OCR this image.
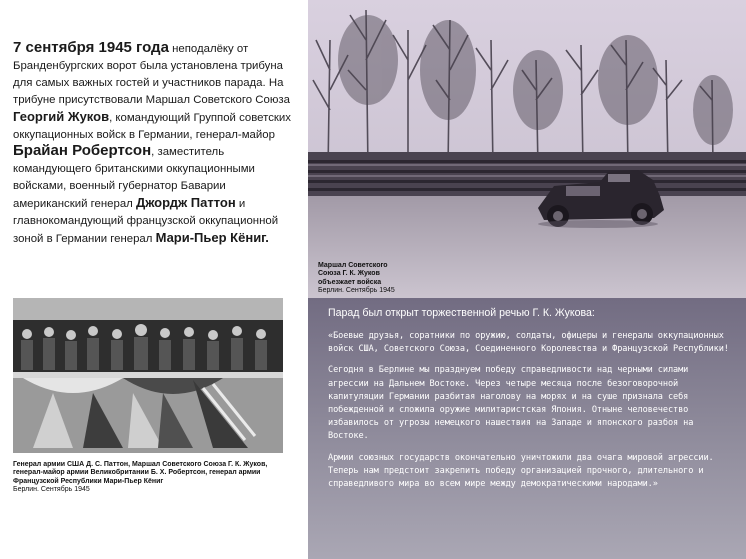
7 сентября 1945 года неподалёку от Бранденбургских ворот была установлена трибуна для самых важных гостей и участников парада. На трибуне присутствовали Маршал Советского Союза Георгий Жуков, командующий Группой советских оккупационных войск в Германии, генерал-майор Брайан Робертсон, заместитель командующего британскими оккупационными войсками, военный губернатор Баварии американский генерал Джордж Паттон и главнокомандующий французской оккупационной зоной в Германии генерал Мари-Пьер Кёниг.
Маршал Советского Союза Г. К. Жуков объезжает войска
Берлин. Сентябрь 1945
Генерал армии США Д. С. Паттон, Маршал Советского Союза Г. К. Жуков, генерал-майор армии Великобритании Б. Х. Робертсон, генерал армии Французской Республики Мари-Пьер Кёниг
Берлин. Сентябрь 1945

Парад был открыт торжественной речью Г. К. Жукова:

«Боевые друзья, соратники по оружию, солдаты, офицеры и генералы оккупационных войск США, Советского Союза, Соединенного Королевства и Французской Республики!

Сегодня в Берлине мы празднуем победу справедливости над черными силами агрессии на Дальнем Востоке. Через четыре месяца после безоговорочной капитуляции Германии разбитая наголову на морях и на суше признала себя побежденной и сложила оружие милитаристская Япония. Отныне человечество избавилось от угрозы немецкого нашествия на Западе и японского разбоя на Востоке.

Армии союзных государств окончательно уничтожили два очага мировой агрессии. Теперь нам предстоит закрепить победу организацией прочного, длительного и справедливого мира во всем мире между демократическими народами.»
